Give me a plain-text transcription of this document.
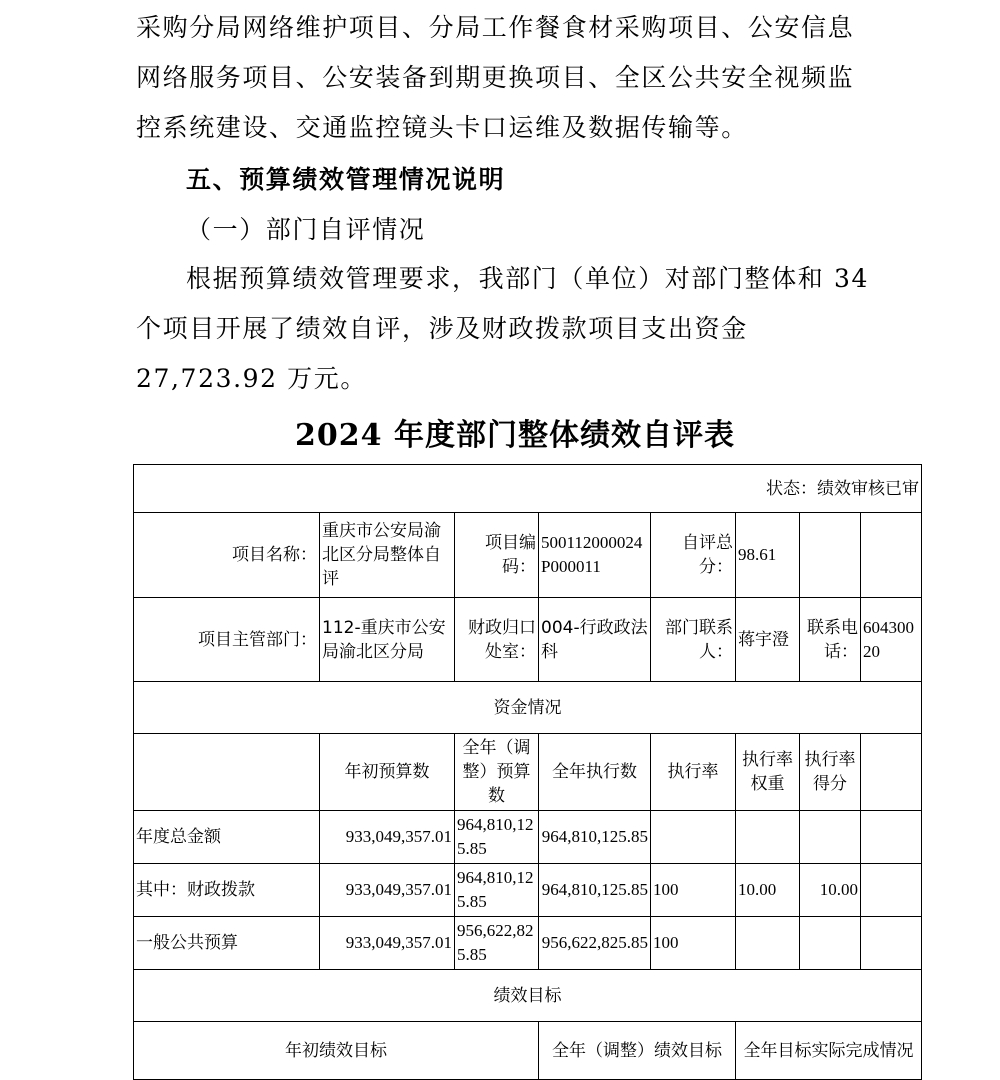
采购分局网络维护项目、分局工作餐食材采购项目、公安信息
网络服务项目、公安装备到期更换项目、全区公共安全视频监
控系统建设、交通监控镜头卡口运维及数据传输等。
五、预算绩效管理情况说明
（一）部门自评情况
根据预算绩效管理要求，我部门（单位）对部门整体和 34 个项目开展了绩效自评，涉及财政拨款项目支出资金 27,723.92 万元。
2024 年度部门整体绩效自评表
状态：绩效审核已审							
项目名称：	重庆市公安局渝北区分局整体自评	项目编码：	500112000024P000011	自评总分：	98.61		
项目主管部门：	112-重庆市公安局渝北区分局	财政归口处室：	004-行政政法科	部门联系人：	蒋宇澄	联系电话：	60430020
资金情况							
	年初预算数	全年（调整）预算数	全年执行数	执行率	执行率权重	执行率得分	
年度总金额	933,049,357.01	964,810,125.85	964,810,125.85				
其中：财政拨款	933,049,357.01	964,810,125.85	964,810,125.85	100	10.00	10.00	
一般公共预算	933,049,357.01	956,622,825.85	956,622,825.85	100			
绩效目标							
年初绩效目标			全年（调整）绩效目标		全年目标实际完成情况		
